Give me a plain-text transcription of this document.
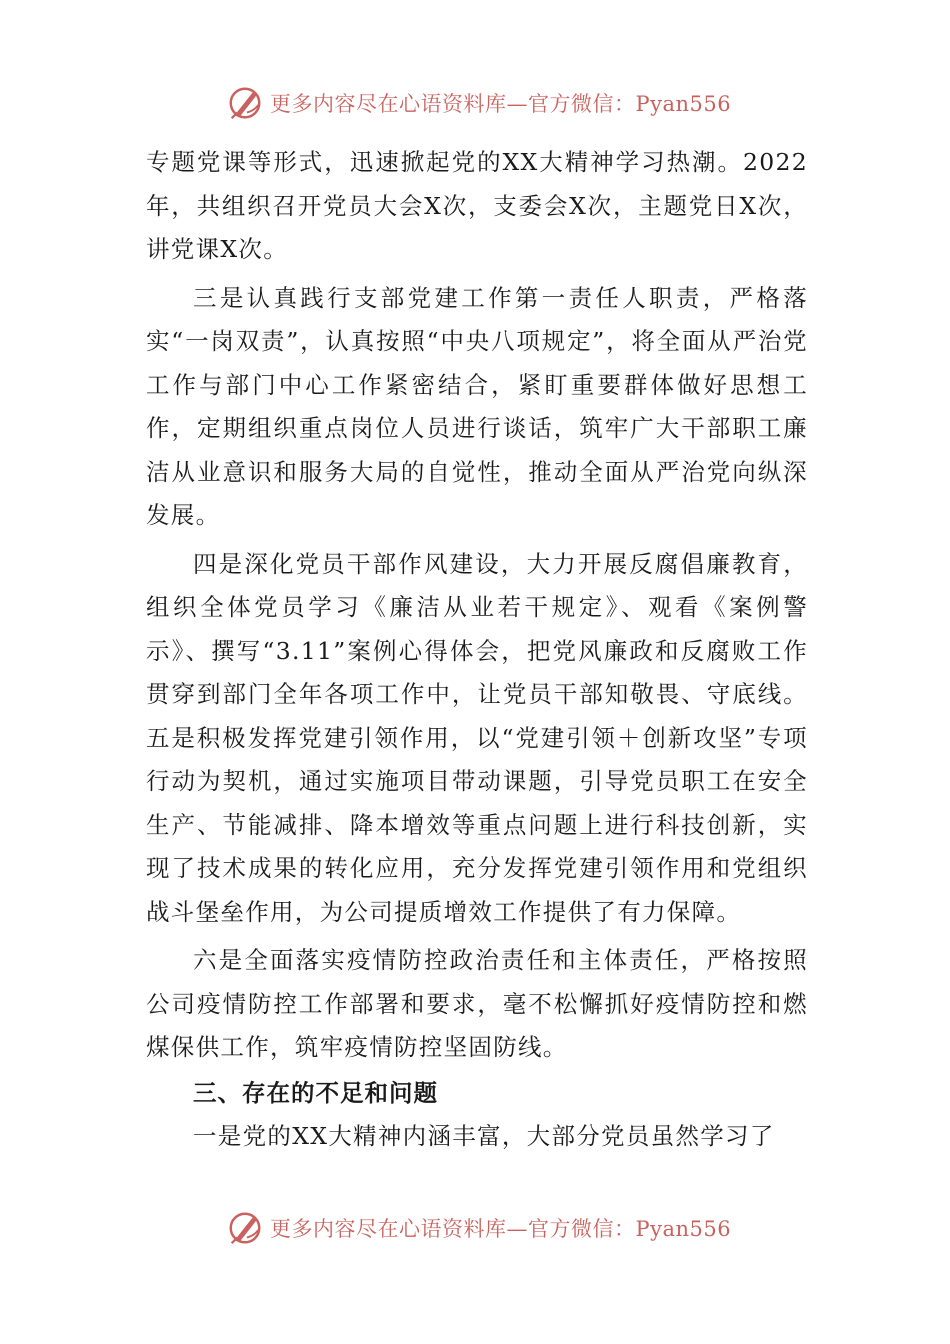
更多内容尽在心语资料库—官方微信：Pyan556

专题党课等形式，迅速掀起党的XX大精神学习热潮。2022年，共组织召开党员大会X次，支委会X次，主题党日X次，讲党课X次。

三是认真践行支部党建工作第一责任人职责，严格落实“一岗双责”，认真按照“中央八项规定”，将全面从严治党工作与部门中心工作紧密结合，紧盯重要群体做好思想工作，定期组织重点岗位人员进行谈话，筑牢广大干部职工廉洁从业意识和服务大局的自觉性，推动全面从严治党向纵深发展。

四是深化党员干部作风建设，大力开展反腐倡廉教育，组织全体党员学习《廉洁从业若干规定》、观看《案例警示》、撰写“3.11”案例心得体会，把党风廉政和反腐败工作贯穿到部门全年各项工作中，让党员干部知敬畏、守底线。五是积极发挥党建引领作用，以“党建引领＋创新攻坚”专项行动为契机，通过实施项目带动课题，引导党员职工在安全生产、节能减排、降本增效等重点问题上进行科技创新，实现了技术成果的转化应用，充分发挥党建引领作用和党组织战斗堡垒作用，为公司提质增效工作提供了有力保障。

六是全面落实疫情防控政治责任和主体责任，严格按照公司疫情防控工作部署和要求，毫不松懈抓好疫情防控和燃煤保供工作，筑牢疫情防控坚固防线。

三、存在的不足和问题

一是党的XX大精神内涵丰富，大部分党员虽然学习了

更多内容尽在心语资料库—官方微信：Pyan556
